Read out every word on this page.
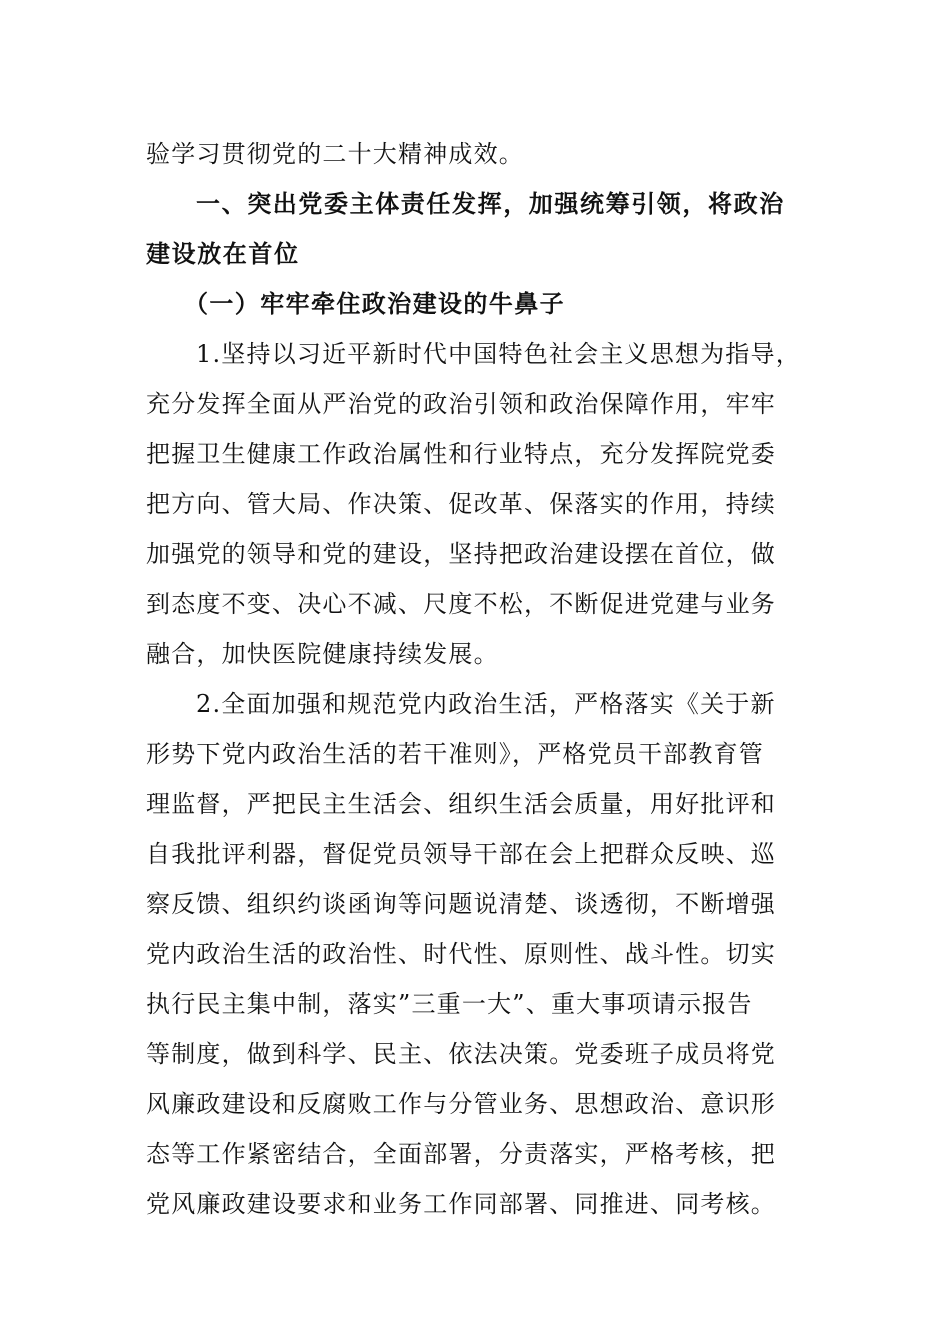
验学习贯彻党的二十大精神成效。
一、突出党委主体责任发挥，加强统筹引领，将政治
建设放在首位
（一）牢牢牵住政治建设的牛鼻子
1.坚持以习近平新时代中国特色社会主义思想为指导，
充分发挥全面从严治党的政治引领和政治保障作用，牢牢
把握卫生健康工作政治属性和行业特点，充分发挥院党委
把方向、管大局、作决策、促改革、保落实的作用，持续
加强党的领导和党的建设，坚持把政治建设摆在首位，做
到态度不变、决心不减、尺度不松，不断促进党建与业务
融合，加快医院健康持续发展。
2.全面加强和规范党内政治生活，严格落实《关于新
形势下党内政治生活的若干准则》，严格党员干部教育管
理监督，严把民主生活会、组织生活会质量，用好批评和
自我批评利器，督促党员领导干部在会上把群众反映、巡
察反馈、组织约谈函询等问题说清楚、谈透彻，不断增强
党内政治生活的政治性、时代性、原则性、战斗性。切实
执行民主集中制，落实”三重一大”、重大事项请示报告
等制度，做到科学、民主、依法决策。党委班子成员将党
风廉政建设和反腐败工作与分管业务、思想政治、意识形
态等工作紧密结合，全面部署，分责落实，严格考核，把
党风廉政建设要求和业务工作同部署、同推进、同考核。
